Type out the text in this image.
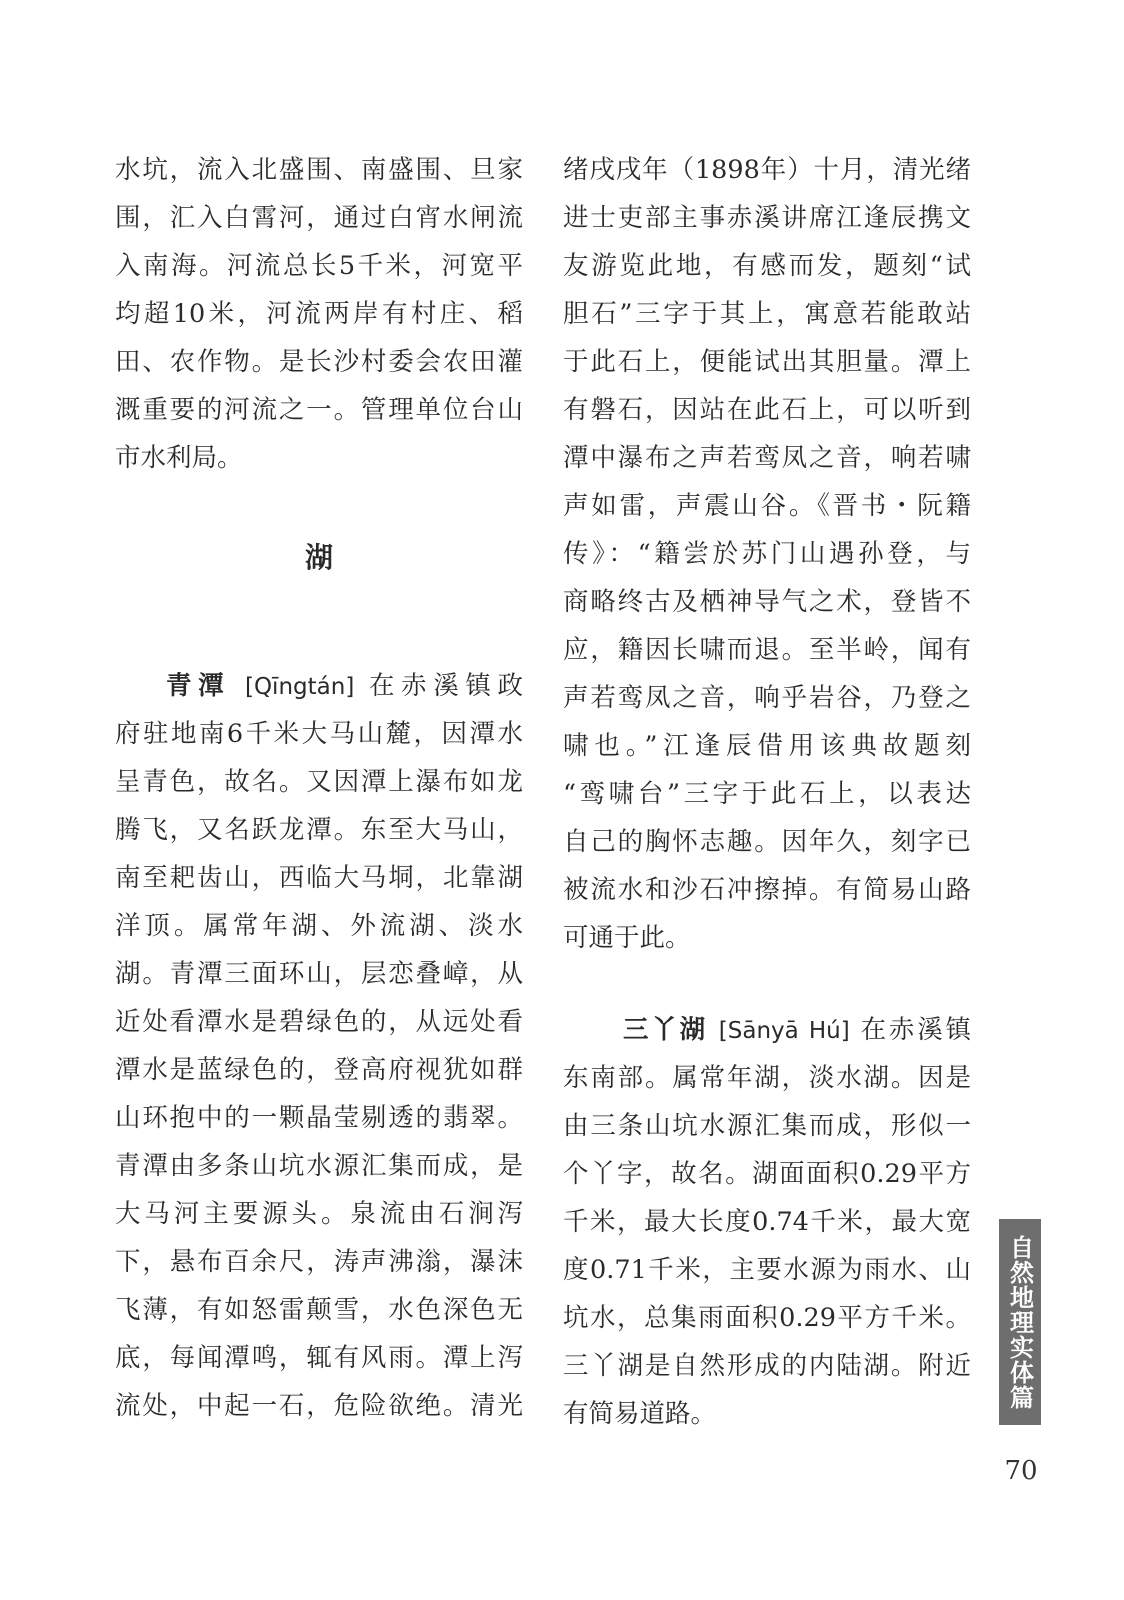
水坑，流入北盛围、南盛围、旦家
围，汇入白霄河，通过白宵水闸流
入南海。河流总长5千米，河宽平
均超10米，河流两岸有村庄、稻
田、农作物。是长沙村委会农田灌
溉重要的河流之一。管理单位台山
市水利局。
湖
青潭 [Qīngtán] 在赤溪镇政
府驻地南6千米大马山麓，因潭水
呈青色，故名。又因潭上瀑布如龙
腾飞，又名跃龙潭。东至大马山，
南至耙齿山，西临大马垌，北靠湖
洋顶。属常年湖、外流湖、淡水
湖。青潭三面环山，层恋叠嶂，从
近处看潭水是碧绿色的，从远处看
潭水是蓝绿色的，登高府视犹如群
山环抱中的一颗晶莹剔透的翡翠。
青潭由多条山坑水源汇集而成，是
大马河主要源头。泉流由石涧泻
下，悬布百余尺，涛声沸滃，瀑沫
飞薄，有如怒雷颠雪，水色深色无
底，每闻潭鸣，辄有风雨。潭上泻
流处，中起一石，危险欲绝。清光
绪戌戌年（1898年）十月，清光绪
进士吏部主事赤溪讲席江逢辰携文
友游览此地，有感而发，题刻“试
胆石”三字于其上，寓意若能敢站
于此石上，便能试出其胆量。潭上
有磐石，因站在此石上，可以听到
潭中瀑布之声若鸾凤之音，响若啸
声如雷，声震山谷。《晋书・阮籍
传》：“籍尝於苏门山遇孙登，与
商略终古及栖神导气之术，登皆不
应，籍因长啸而退。至半岭，闻有
声若鸾凤之音，响乎岩谷，乃登之
啸也。”江逢辰借用该典故题刻
“鸾啸台”三字于此石上，以表达
自己的胸怀志趣。因年久，刻字已
被流水和沙石冲擦掉。有简易山路
可通于此。
三丫湖 [Sānyā Hú] 在赤溪镇
东南部。属常年湖，淡水湖。因是
由三条山坑水源汇集而成，形似一
个丫字，故名。湖面面积0.29平方
千米，最大长度0.74千米，最大宽
度0.71千米，主要水源为雨水、山
坑水，总集雨面积0.29平方千米。
三丫湖是自然形成的内陆湖。附近
有简易道路。
自然地理实体篇
70
